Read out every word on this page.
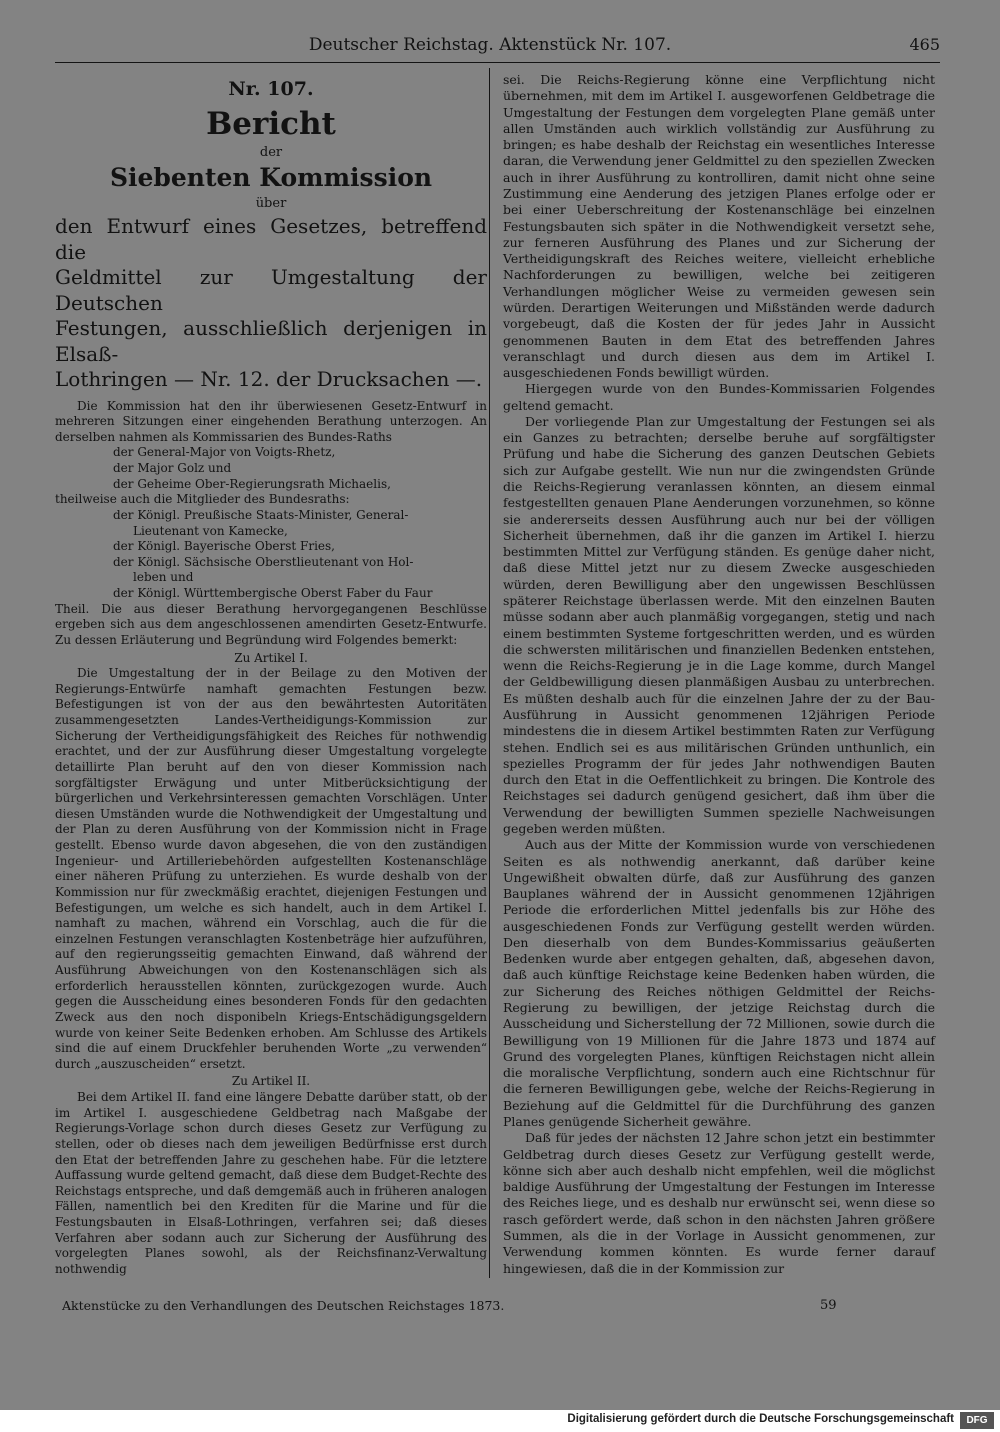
Deutscher Reichstag. Aktenstück Nr. 107.	465
Nr. 107.
Bericht
der
Siebenten Kommission
über
den Entwurf eines Gesetzes, betreffend die
Geldmittel zur Umgestaltung der Deutschen
Festungen, ausschließlich derjenigen in Elsaß-
Lothringen — Nr. 12. der Drucksachen —.

Die Kommission hat den ihr überwiesenen Gesetz-Entwurf in mehreren Sitzungen einer eingehenden Berathung unterzogen. An derselben nahmen als Kommissarien des Bundes-Raths

der General-Major von Voigts-Rhetz,

der Major Golz und

der Geheime Ober-Regierungsrath Michaelis,

theilweise auch die Mitglieder des Bundesraths:

der Königl. Preußische Staats-Minister, General-

Lieutenant von Kamecke,

der Königl. Bayerische Oberst Fries,

der Königl. Sächsische Oberstlieutenant von Hol-

leben und

der Königl. Württembergische Oberst Faber du Faur

Theil. Die aus dieser Berathung hervorgegangenen Beschlüsse ergeben sich aus dem angeschlossenen amendirten Gesetz-Entwurfe. Zu dessen Erläuterung und Begründung wird Folgendes bemerkt:

Zu Artikel I.

Die Umgestaltung der in der Beilage zu den Motiven der Regierungs-Entwürfe namhaft gemachten Festungen bezw. Befestigungen ist von der aus den bewährtesten Autoritäten zusammengesetzten Landes-Vertheidigungs-Kommission zur Sicherung der Vertheidigungsfähigkeit des Reiches für nothwendig erachtet, und der zur Ausführung dieser Umgestaltung vorgelegte detaillirte Plan beruht auf den von dieser Kommission nach sorgfältigster Erwägung und unter Mitberücksichtigung der bürgerlichen und Verkehrsinteressen gemachten Vorschlägen. Unter diesen Umständen wurde die Nothwendigkeit der Umgestaltung und der Plan zu deren Ausführung von der Kommission nicht in Frage gestellt. Ebenso wurde davon abgesehen, die von den zuständigen Ingenieur- und Artilleriebehörden aufgestellten Kostenanschläge einer näheren Prüfung zu unterziehen. Es wurde deshalb von der Kommission nur für zweckmäßig erachtet, diejenigen Festungen und Befestigungen, um welche es sich handelt, auch in dem Artikel I. namhaft zu machen, während ein Vorschlag, auch die für die einzelnen Festungen veranschlagten Kostenbeträge hier aufzuführen, auf den regierungsseitig gemachten Einwand, daß während der Ausführung Abweichungen von den Kostenanschlägen sich als erforderlich herausstellen könnten, zurückgezogen wurde. Auch gegen die Ausscheidung eines besonderen Fonds für den gedachten Zweck aus den noch disponibeln Kriegs-Entschädigungsgeldern wurde von keiner Seite Bedenken erhoben. Am Schlusse des Artikels sind die auf einem Druckfehler beruhenden Worte „zu verwenden“ durch „auszuscheiden“ ersetzt.

Zu Artikel II.

Bei dem Artikel II. fand eine längere Debatte darüber statt, ob der im Artikel I. ausgeschiedene Geldbetrag nach Maßgabe der Regierungs-Vorlage schon durch dieses Gesetz zur Verfügung zu stellen, oder ob dieses nach dem jeweiligen Bedürfnisse erst durch den Etat der betreffenden Jahre zu geschehen habe. Für die letztere Auffassung wurde geltend gemacht, daß diese dem Budget-Rechte des Reichstags entspreche, und daß demgemäß auch in früheren analogen Fällen, namentlich bei den Krediten für die Marine und für die Festungsbauten in Elsaß-Lothringen, verfahren sei; daß dieses Verfahren aber sodann auch zur Sicherung der Ausführung des vorgelegten Planes sowohl, als der Reichsfinanz-Verwaltung nothwendig

sei. Die Reichs-Regierung könne eine Verpflichtung nicht übernehmen, mit dem im Artikel I. ausgeworfenen Geldbetrage die Umgestaltung der Festungen dem vorgelegten Plane gemäß unter allen Umständen auch wirklich vollständig zur Ausführung zu bringen; es habe deshalb der Reichstag ein wesentliches Interesse daran, die Verwendung jener Geldmittel zu den speziellen Zwecken auch in ihrer Ausführung zu kontrolliren, damit nicht ohne seine Zustimmung eine Aenderung des jetzigen Planes erfolge oder er bei einer Ueberschreitung der Kostenanschläge bei einzelnen Festungsbauten sich später in die Nothwendigkeit versetzt sehe, zur ferneren Ausführung des Planes und zur Sicherung der Vertheidigungskraft des Reiches weitere, vielleicht erhebliche Nachforderungen zu bewilligen, welche bei zeitigeren Verhandlungen möglicher Weise zu vermeiden gewesen sein würden. Derartigen Weiterungen und Mißständen werde dadurch vorgebeugt, daß die Kosten der für jedes Jahr in Aussicht genommenen Bauten in dem Etat des betreffenden Jahres veranschlagt und durch diesen aus dem im Artikel I. ausgeschiedenen Fonds bewilligt würden.

Hiergegen wurde von den Bundes-Kommissarien Folgendes geltend gemacht.

Der vorliegende Plan zur Umgestaltung der Festungen sei als ein Ganzes zu betrachten; derselbe beruhe auf sorgfältigster Prüfung und habe die Sicherung des ganzen Deutschen Gebiets sich zur Aufgabe gestellt. Wie nun nur die zwingendsten Gründe die Reichs-Regierung veranlassen könnten, an diesem einmal festgestellten genauen Plane Aenderungen vorzunehmen, so könne sie andererseits dessen Ausführung auch nur bei der völligen Sicherheit übernehmen, daß ihr die ganzen im Artikel I. hierzu bestimmten Mittel zur Verfügung ständen. Es genüge daher nicht, daß diese Mittel jetzt nur zu diesem Zwecke ausgeschieden würden, deren Bewilligung aber den ungewissen Beschlüssen späterer Reichstage überlassen werde. Mit den einzelnen Bauten müsse sodann aber auch planmäßig vorgegangen, stetig und nach einem bestimmten Systeme fortgeschritten werden, und es würden die schwersten militärischen und finanziellen Bedenken entstehen, wenn die Reichs-Regierung je in die Lage komme, durch Mangel der Geldbewilligung diesen planmäßigen Ausbau zu unterbrechen. Es müßten deshalb auch für die einzelnen Jahre der zu der Bau-Ausführung in Aussicht genommenen 12jährigen Periode mindestens die in diesem Artikel bestimmten Raten zur Verfügung stehen. Endlich sei es aus militärischen Gründen unthunlich, ein spezielles Programm der für jedes Jahr nothwendigen Bauten durch den Etat in die Oeffentlichkeit zu bringen. Die Kontrole des Reichstages sei dadurch genügend gesichert, daß ihm über die Verwendung der bewilligten Summen spezielle Nachweisungen gegeben werden müßten.

Auch aus der Mitte der Kommission wurde von verschiedenen Seiten es als nothwendig anerkannt, daß darüber keine Ungewißheit obwalten dürfe, daß zur Ausführung des ganzen Bauplanes während der in Aussicht genommenen 12jährigen Periode die erforderlichen Mittel jedenfalls bis zur Höhe des ausgeschiedenen Fonds zur Verfügung gestellt werden würden. Den dieserhalb von dem Bundes-Kommissarius geäußerten Bedenken wurde aber entgegen gehalten, daß, abgesehen davon, daß auch künftige Reichstage keine Bedenken haben würden, die zur Sicherung des Reiches nöthigen Geldmittel der Reichs-Regierung zu bewilligen, der jetzige Reichstag durch die Ausscheidung und Sicherstellung der 72 Millionen, sowie durch die Bewilligung von 19 Millionen für die Jahre 1873 und 1874 auf Grund des vorgelegten Planes, künftigen Reichstagen nicht allein die moralische Verpflichtung, sondern auch eine Richtschnur für die ferneren Bewilligungen gebe, welche der Reichs-Regierung in Beziehung auf die Geldmittel für die Durchführung des ganzen Planes genügende Sicherheit gewähre.

Daß für jedes der nächsten 12 Jahre schon jetzt ein bestimmter Geldbetrag durch dieses Gesetz zur Verfügung gestellt werde, könne sich aber auch deshalb nicht empfehlen, weil die möglichst baldige Ausführung der Umgestaltung der Festungen im Interesse des Reiches liege, und es deshalb nur erwünscht sei, wenn diese so rasch gefördert werde, daß schon in den nächsten Jahren größere Summen, als die in der Vorlage in Aussicht genommenen, zur Verwendung kommen könnten. Es wurde ferner darauf hingewiesen, daß die in der Kommission zur

Aktenstücke zu den Verhandlungen des Deutschen Reichstages 1873.	59
Digitalisierung gefördert durch die Deutsche Forschungsgemeinschaft	DFG
